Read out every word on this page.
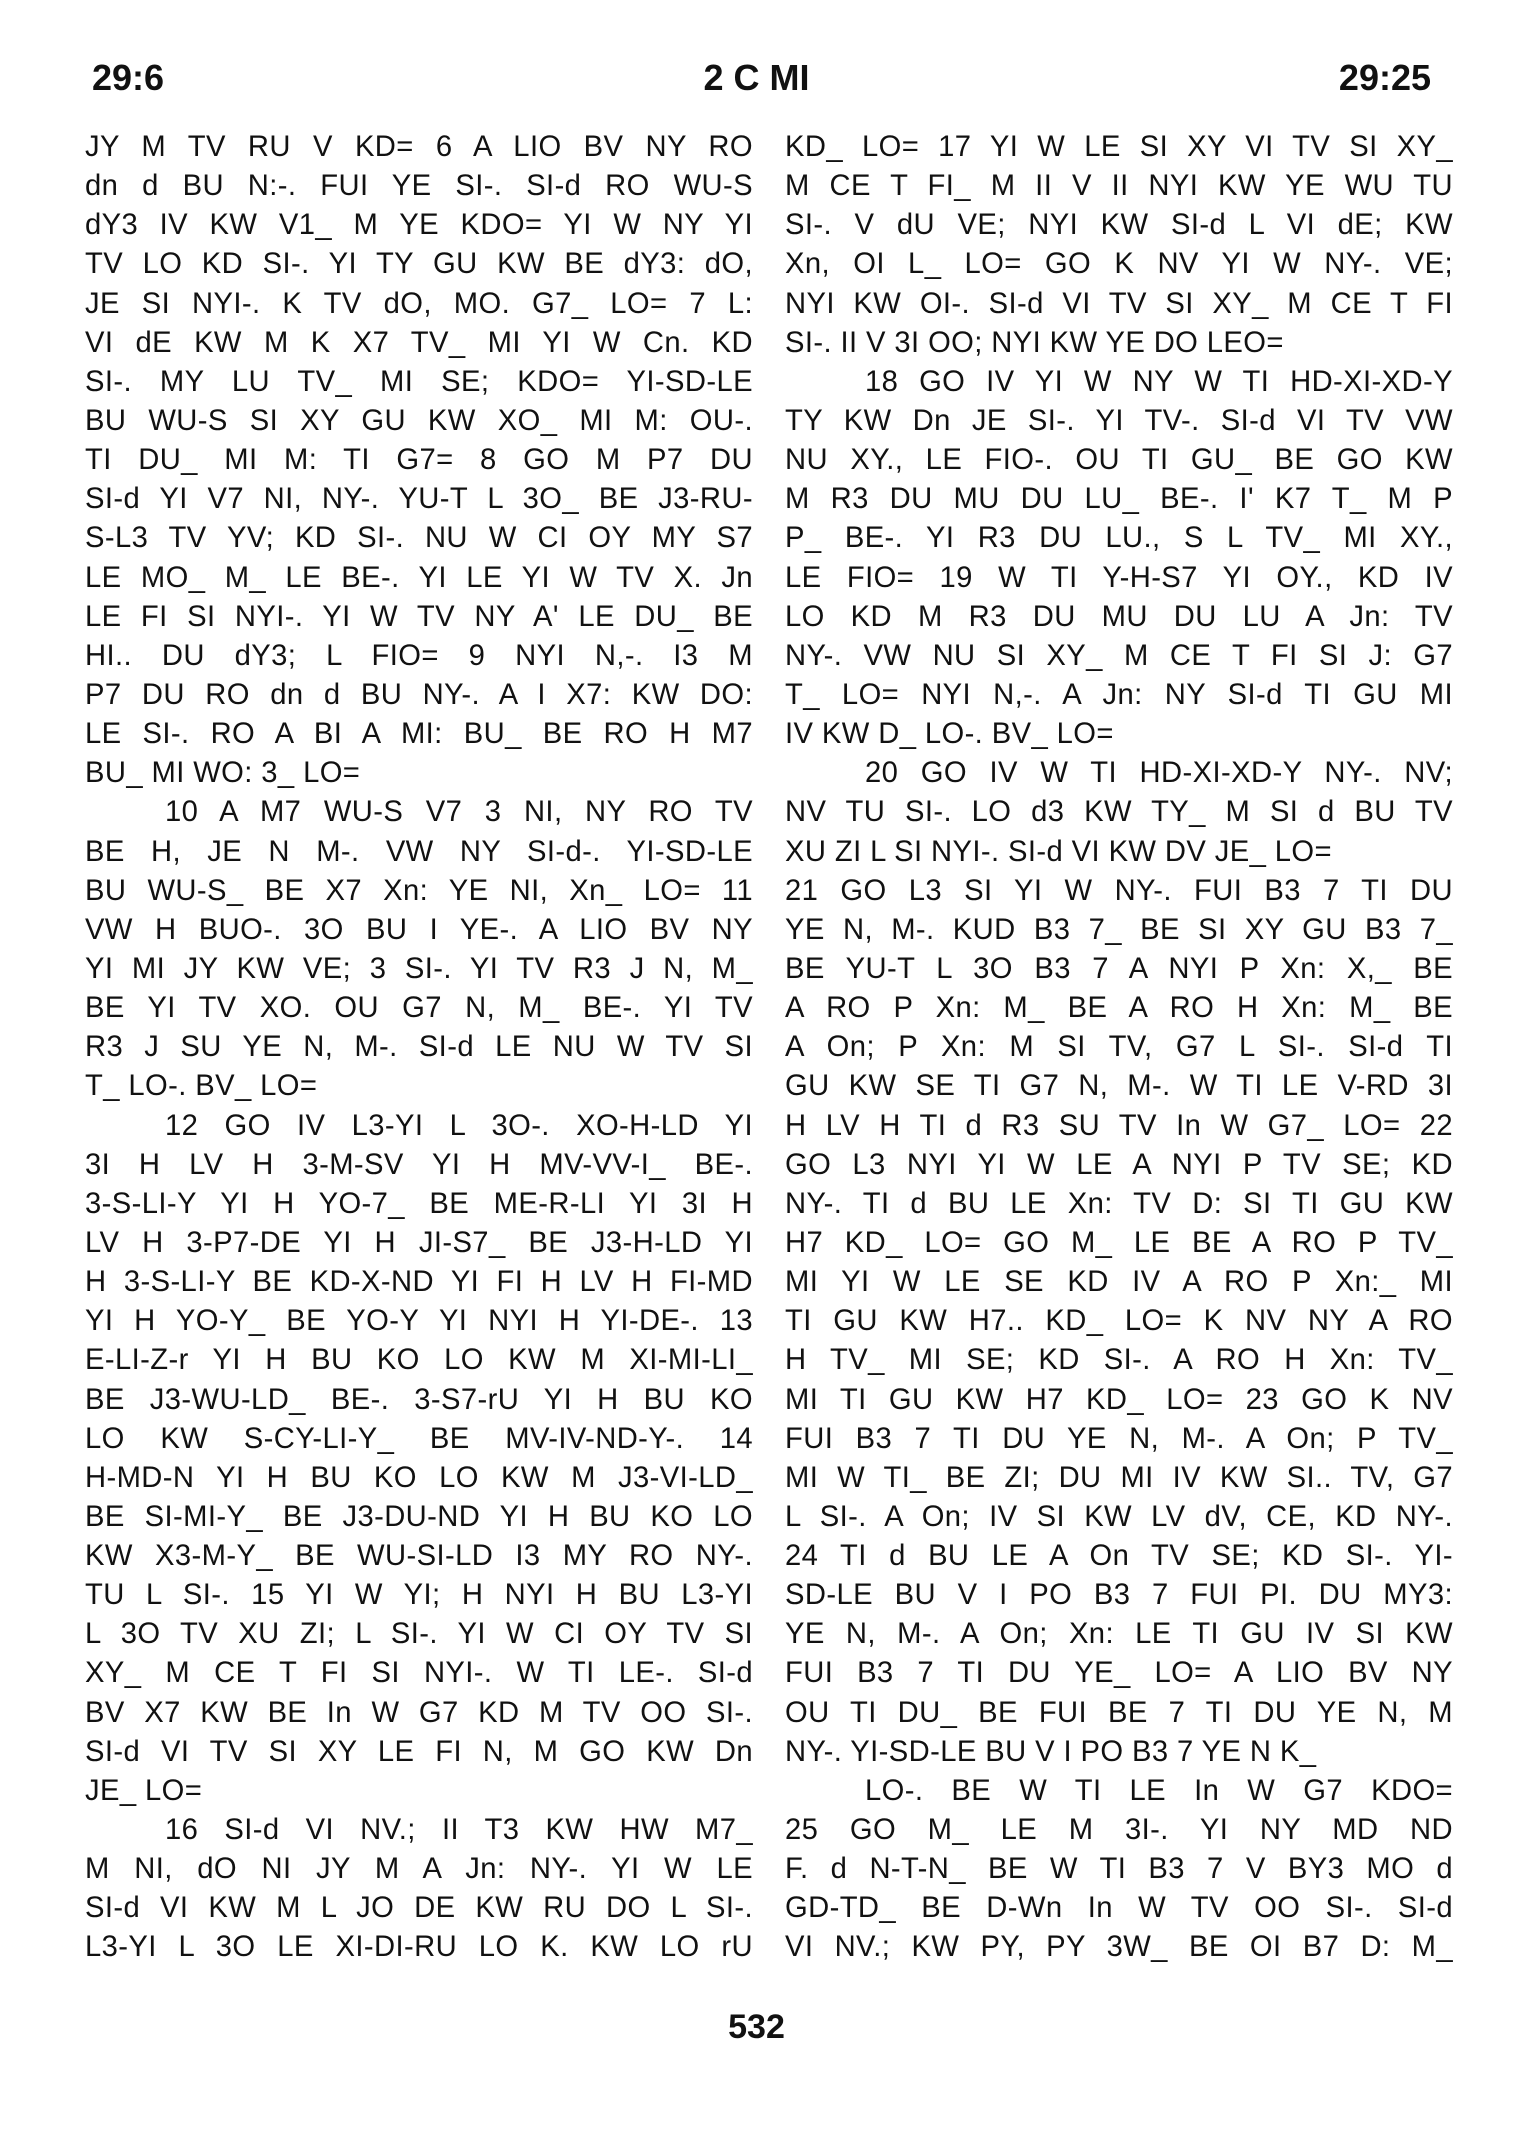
29:6	2 C MI	29:25
JY M TV RU V KD= 6 A LIO BV NY RO
dn d BU N:-. FUI YE SI-. SI-d RO WU-S
dY3 IV KW V1_ M YE KDO= YI W NY YI
TV LO KD SI-. YI TY GU KW BE dY3: dO,
JE SI NYI-. K TV dO, MO. G7_ LO= 7 L:
VI dE KW M K X7 TV_ MI YI W Cn. KD
SI-. MY LU TV_ MI SE; KDO= YI-SD-LE
BU WU-S SI XY GU KW XO_ MI M: OU-.
TI DU_ MI M: TI G7= 8 GO M P7 DU
SI-d YI V7 NI, NY-. YU-T L 3O_ BE J3-RU-
S-L3 TV YV; KD SI-. NU W CI OY MY S7
LE MO_ M_ LE BE-. YI LE YI W TV X. Jn
LE FI SI NYI-. YI W TV NY A' LE DU_ BE
HI.. DU dY3; L FIO= 9 NYI N,-. I3 M
P7 DU RO dn d BU NY-. A I X7: KW DO:
LE SI-. RO A BI A MI: BU_ BE RO H M7
BU_ MI WO: 3_ LO=
10 A M7 WU-S V7 3 NI, NY RO TV
BE H, JE N M-. VW NY SI-d-. YI-SD-LE
BU WU-S_ BE X7 Xn: YE NI, Xn_ LO= 11
VW H BUO-. 3O BU I YE-. A LIO BV NY
YI MI JY KW VE; 3 SI-. YI TV R3 J N, M_
BE YI TV XO. OU G7 N, M_ BE-. YI TV
R3 J SU YE N, M-. SI-d LE NU W TV SI
T_ LO-. BV_ LO=
12 GO IV L3-YI L 3O-. XO-H-LD YI
3I H LV H 3-M-SV YI H MV-VV-I_ BE-.
3-S-LI-Y YI H YO-7_ BE ME-R-LI YI 3I H
LV H 3-P7-DE YI H JI-S7_ BE J3-H-LD YI
H 3-S-LI-Y BE KD-X-ND YI FI H LV H FI-MD
YI H YO-Y_ BE YO-Y YI NYI H YI-DE-. 13
E-LI-Z-r YI H BU KO LO KW M XI-MI-LI_
BE J3-WU-LD_ BE-. 3-S7-rU YI H BU KO
LO KW S-CY-LI-Y_ BE MV-IV-ND-Y-. 14
H-MD-N YI H BU KO LO KW M J3-VI-LD_
BE SI-MI-Y_ BE J3-DU-ND YI H BU KO LO
KW X3-M-Y_ BE WU-SI-LD I3 MY RO NY-.
TU L SI-. 15 YI W YI; H NYI H BU L3-YI
L 3O TV XU ZI; L SI-. YI W CI OY TV SI
XY_ M CE T FI SI NYI-. W TI LE-. SI-d
BV X7 KW BE In W G7 KD M TV OO SI-.
SI-d VI TV SI XY LE FI N, M GO KW Dn
JE_ LO=
16 SI-d VI NV.; II T3 KW HW M7_
M NI, dO NI JY M A Jn: NY-. YI W LE
SI-d VI KW M L JO DE KW RU DO L SI-.
L3-YI L 3O LE XI-DI-RU LO K. KW LO rU
KD_ LO= 17 YI W LE SI XY VI TV SI XY_
M CE T FI_ M II V II NYI KW YE WU TU
SI-. V dU VE; NYI KW SI-d L VI dE; KW
Xn, OI L_ LO= GO K NV YI W NY-. VE;
NYI KW OI-. SI-d VI TV SI XY_ M CE T FI
SI-. II V 3I OO; NYI KW YE DO LEO=
18 GO IV YI W NY W TI HD-XI-XD-Y
TY KW Dn JE SI-. YI TV-. SI-d VI TV VW
NU XY., LE FIO-. OU TI GU_ BE GO KW
M R3 DU MU DU LU_ BE-. I' K7 T_ M P
P_ BE-. YI R3 DU LU., S L TV_ MI XY.,
LE FIO= 19 W TI Y-H-S7 YI OY., KD IV
LO KD M R3 DU MU DU LU A Jn: TV
NY-. VW NU SI XY_ M CE T FI SI J: G7
T_ LO= NYI N,-. A Jn: NY SI-d TI GU MI
IV KW D_ LO-. BV_ LO=
20 GO IV W TI HD-XI-XD-Y NY-. NV;
NV TU SI-. LO d3 KW TY_ M SI d BU TV
XU ZI L SI NYI-. SI-d VI KW DV JE_ LO=
21 GO L3 SI YI W NY-. FUI B3 7 TI DU
YE N, M-. KUD B3 7_ BE SI XY GU B3 7_
BE YU-T L 3O B3 7 A NYI P Xn: X,_ BE
A RO P Xn: M_ BE A RO H Xn: M_ BE
A On; P Xn: M SI TV, G7 L SI-. SI-d TI
GU KW SE TI G7 N, M-. W TI LE V-RD 3I
H LV H TI d R3 SU TV In W G7_ LO= 22
GO L3 NYI YI W LE A NYI P TV SE; KD
NY-. TI d BU LE Xn: TV D: SI TI GU KW
H7 KD_ LO= GO M_ LE BE A RO P TV_
MI YI W LE SE KD IV A RO P Xn:_ MI
TI GU KW H7.. KD_ LO= K NV NY A RO
H TV_ MI SE; KD SI-. A RO H Xn: TV_
MI TI GU KW H7 KD_ LO= 23 GO K NV
FUI B3 7 TI DU YE N, M-. A On; P TV_
MI W TI_ BE ZI; DU MI IV KW SI.. TV, G7
L SI-. A On; IV SI KW LV dV, CE, KD NY-.
24 TI d BU LE A On TV SE; KD SI-. YI-
SD-LE BU V I PO B3 7 FUI PI. DU MY3:
YE N, M-. A On; Xn: LE TI GU IV SI KW
FUI B3 7 TI DU YE_ LO= A LIO BV NY
OU TI DU_ BE FUI BE 7 TI DU YE N, M
NY-. YI-SD-LE BU V I PO B3 7 YE N K_
LO-. BE W TI LE In W G7 KDO=
25 GO M_ LE M 3I-. YI NY MD ND
F. d N-T-N_ BE W TI B3 7 V BY3 MO d
GD-TD_ BE D-Wn In W TV OO SI-. SI-d
VI NV.; KW PY, PY 3W_ BE OI B7 D: M_
532
